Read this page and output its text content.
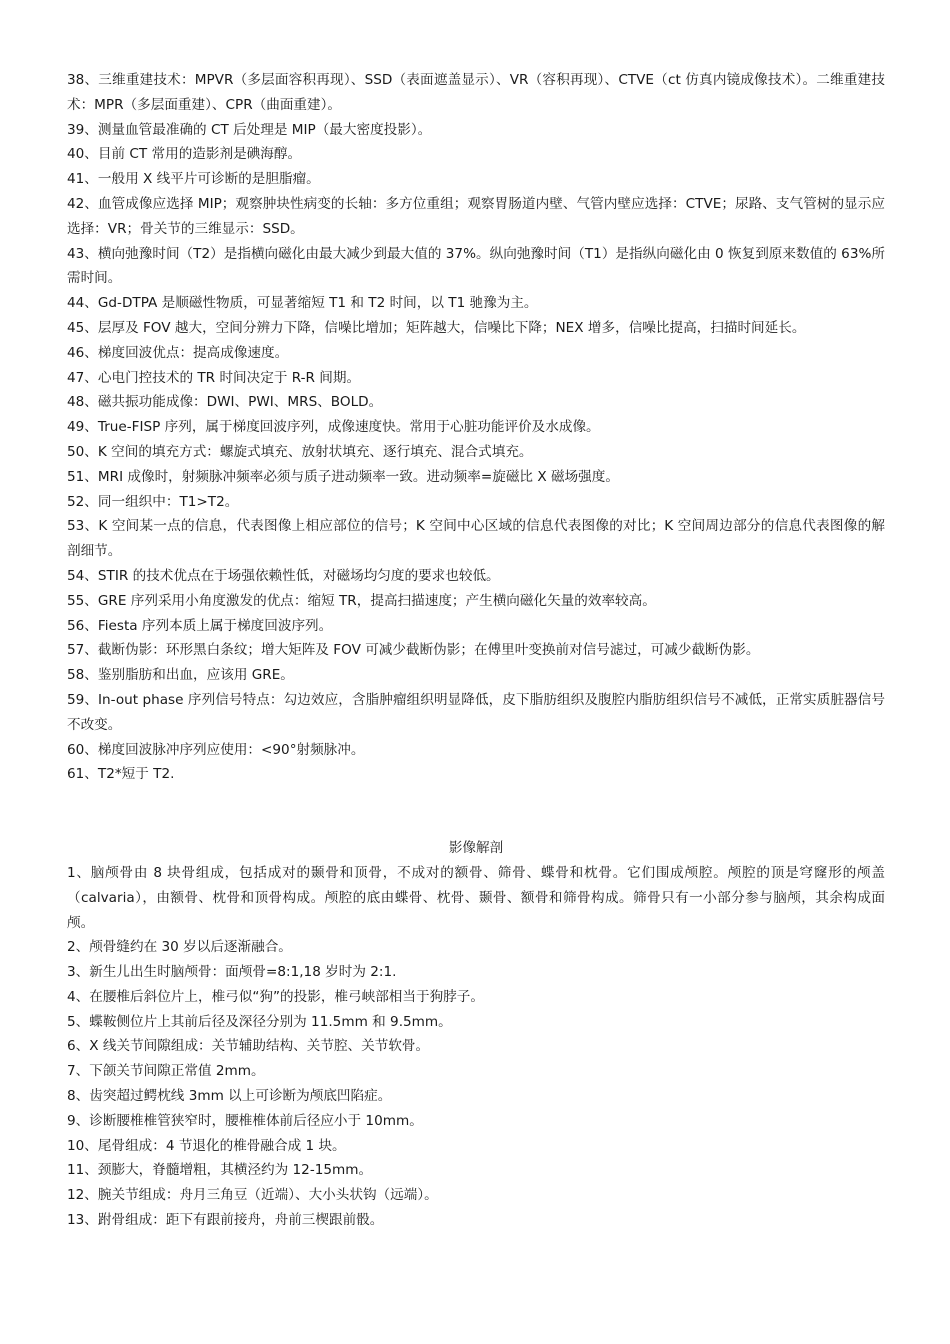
38、三维重建技术：MPVR（多层面容积再现）、SSD（表面遮盖显示）、VR（容积再现）、CTVE（ct 仿真内镜成像技术）。二维重建技术：MPR（多层面重建）、CPR（曲面重建）。

39、测量血管最准确的 CT 后处理是 MIP（最大密度投影）。

40、目前 CT 常用的造影剂是碘海醇。

41、一般用 X 线平片可诊断的是胆脂瘤。

42、血管成像应选择 MIP；观察肿块性病变的长轴：多方位重组；观察胃肠道内壁、气管内壁应选择：CTVE；尿路、支气管树的显示应选择：VR；骨关节的三维显示：SSD。

43、横向弛豫时间（T2）是指横向磁化由最大减少到最大值的 37%。纵向弛豫时间（T1）是指纵向磁化由 0 恢复到原来数值的 63%所需时间。

44、Gd-DTPA 是顺磁性物质，可显著缩短 T1 和 T2 时间，以 T1 驰豫为主。

45、层厚及 FOV 越大，空间分辨力下降，信噪比增加；矩阵越大，信噪比下降；NEX 增多，信噪比提高，扫描时间延长。

46、梯度回波优点：提高成像速度。

47、心电门控技术的 TR 时间决定于 R-R 间期。

48、磁共振功能成像：DWI、PWI、MRS、BOLD。

49、True-FISP 序列，属于梯度回波序列，成像速度快。常用于心脏功能评价及水成像。

50、K 空间的填充方式：螺旋式填充、放射状填充、逐行填充、混合式填充。

51、MRI 成像时，射频脉冲频率必须与质子进动频率一致。进动频率=旋磁比 X 磁场强度。

52、同一组织中：T1>T2。

53、K 空间某一点的信息，代表图像上相应部位的信号；K 空间中心区域的信息代表图像的对比；K 空间周边部分的信息代表图像的解剖细节。

54、STIR 的技术优点在于场强依赖性低，对磁场均匀度的要求也较低。

55、GRE 序列采用小角度激发的优点：缩短 TR，提高扫描速度；产生横向磁化矢量的效率较高。

56、Fiesta 序列本质上属于梯度回波序列。

57、截断伪影：环形黑白条纹；增大矩阵及 FOV 可减少截断伪影；在傅里叶变换前对信号滤过，可减少截断伪影。

58、鉴别脂肪和出血，应该用 GRE。

59、In-out phase 序列信号特点：勾边效应，含脂肿瘤组织明显降低，皮下脂肪组织及腹腔内脂肪组织信号不减低，正常实质脏器信号不改变。

60、梯度回波脉冲序列应使用：<90°射频脉冲。

61、T2*短于 T2.

影像解剖

1、脑颅骨由 8 块骨组成，包括成对的颞骨和顶骨，不成对的额骨、筛骨、蝶骨和枕骨。它们围成颅腔。颅腔的顶是穹窿形的颅盖（calvaria），由额骨、枕骨和顶骨构成。颅腔的底由蝶骨、枕骨、颞骨、额骨和筛骨构成。筛骨只有一小部分参与脑颅，其余构成面颅。

2、颅骨缝约在 30 岁以后逐渐融合。

3、新生儿出生时脑颅骨：面颅骨=8:1,18 岁时为 2:1.

4、在腰椎后斜位片上，椎弓似“狗”的投影，椎弓峡部相当于狗脖子。

5、蝶鞍侧位片上其前后径及深径分别为 11.5mm 和 9.5mm。

6、X 线关节间隙组成：关节辅助结构、关节腔、关节软骨。

7、下颌关节间隙正常值 2mm。

8、齿突超过鳄枕线 3mm 以上可诊断为颅底凹陷症。

9、诊断腰椎椎管狭窄时，腰椎椎体前后径应小于 10mm。

10、尾骨组成：4 节退化的椎骨融合成 1 块。

11、颈膨大，脊髓增粗，其横泾约为 12-15mm。

12、腕关节组成：舟月三角豆（近端）、大小头状钩（远端）。

13、跗骨组成：距下有跟前接舟，舟前三楔跟前骰。
